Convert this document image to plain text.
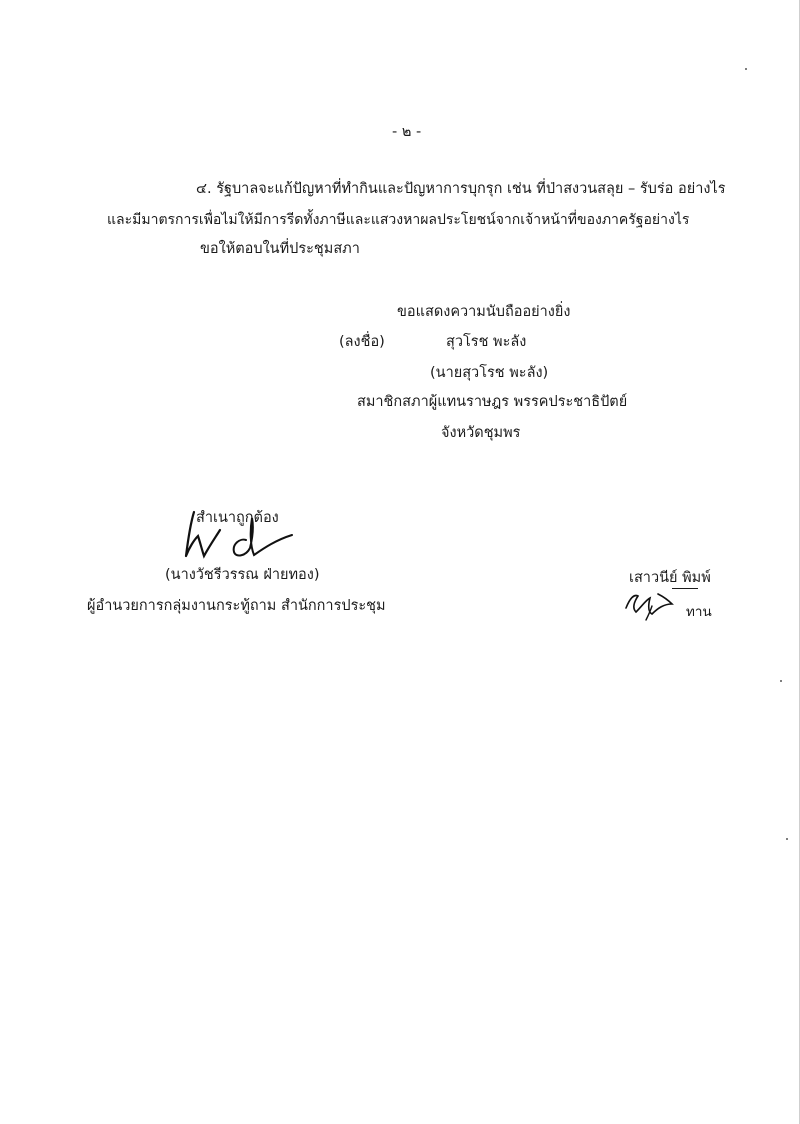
- ๒ -
๔. รัฐบาลจะแก้ปัญหาที่ทำกินและปัญหาการบุกรุก เช่น ที่ป่าสงวนสลุย – รับร่อ อย่างไร
และมีมาตรการเพื่อไม่ให้มีการรีดทั้งภาษีและแสวงหาผลประโยชน์จากเจ้าหน้าที่ของภาครัฐอย่างไร
ขอให้ตอบในที่ประชุมสภา
ขอแสดงความนับถืออย่างยิ่ง
(ลงชื่อ)	สุวโรช พะลัง
(นายสุวโรช พะลัง)
สมาชิกสภาผู้แทนราษฎร พรรคประชาธิปัตย์
จังหวัดชุมพร
สำเนาถูกต้อง
(นางวัชรีวรรณ ฝ่ายทอง)
ผู้อำนวยการกลุ่มงานกระทู้ถาม สำนักการประชุม
เสาวนีย์ พิมพ์
ทาน
